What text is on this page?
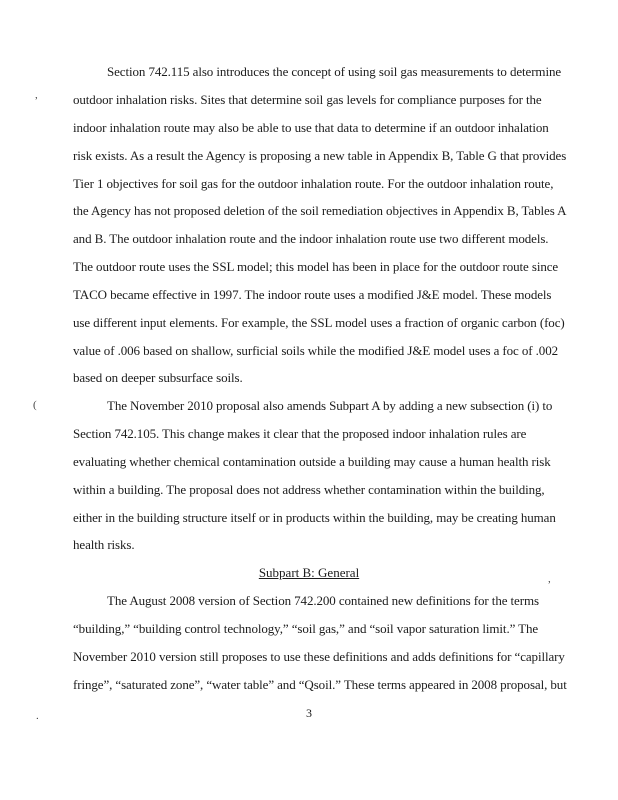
Section 742.115 also introduces the concept of using soil gas measurements to determine
outdoor inhalation risks. Sites that determine soil gas levels for compliance purposes for the
indoor inhalation route may also be able to use that data to determine if an outdoor inhalation
risk exists. As a result the Agency is proposing a new table in Appendix B, Table G that provides
Tier 1 objectives for soil gas for the outdoor inhalation route. For the outdoor inhalation route,
the Agency has not proposed deletion of the soil remediation objectives in Appendix B, Tables A
and B. The outdoor inhalation route and the indoor inhalation route use two different models.
The outdoor route uses the SSL model; this model has been in place for the outdoor route since
TACO became effective in 1997. The indoor route uses a modified J&E model. These models
use different input elements. For example, the SSL model uses a fraction of organic carbon (foc)
value of .006 based on shallow, surficial soils while the modified J&E model uses a foc of .002
based on deeper subsurface soils.
The November 2010 proposal also amends Subpart A by adding a new subsection (i) to
Section 742.105. This change makes it clear that the proposed indoor inhalation rules are
evaluating whether chemical contamination outside a building may cause a human health risk
within a building. The proposal does not address whether contamination within the building,
either in the building structure itself or in products within the building, may be creating human
health risks.
Subpart B: General
The August 2008 version of Section 742.200 contained new definitions for the terms
“building,” “building control technology,” “soil gas,” and “soil vapor saturation limit.” The
November 2010 version still proposes to use these definitions and adds definitions for “capillary
fringe”, “saturated zone”, “water table” and “Qsoil.” These terms appeared in 2008 proposal, but
3
,
(
.
,
